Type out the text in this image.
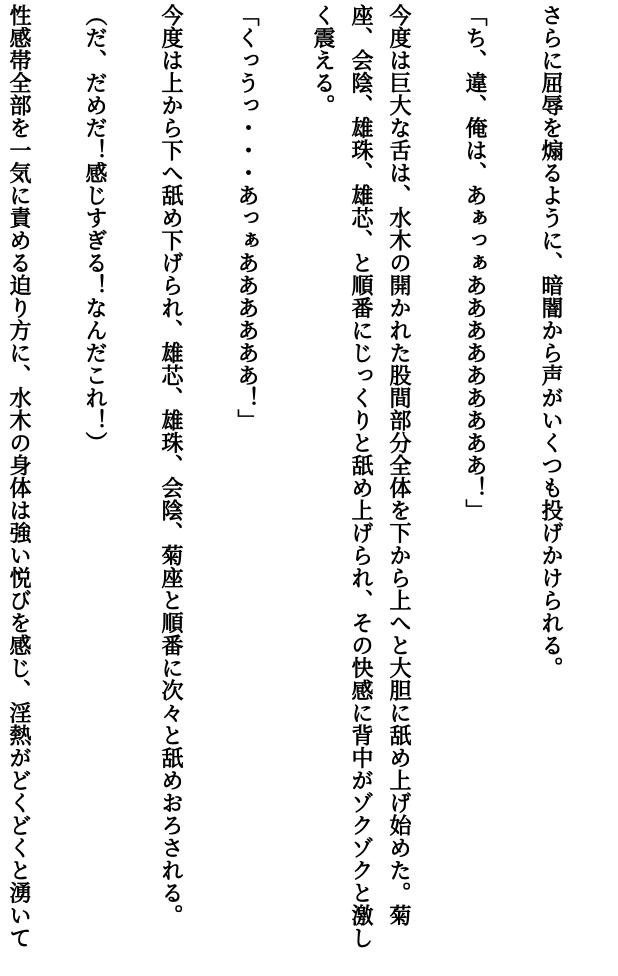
さらに屈辱を煽るように、暗闇から声がいくつも投げかけられる。

「ち、違、俺は、あぁっぁあああああああああ！」

今度は巨大な舌は、水木の開かれた股間部分全体を下から上へと大胆に舐め上げ始めた。菊座、会陰、雄珠、雄芯、と順番にじっくりと舐め上げられ、その快感に背中がゾクゾクと激しく震える。

「くっうっ・・・あっぁああああああ！」

今度は上から下へ舐め下げられ、雄芯、雄珠、会陰、菊座と順番に次々と舐めおろされる。

（だ、だめだ！感じすぎる！なんだこれ！）

性感帯全部を一気に責める迫り方に、水木の身体は強い悦びを感じ、淫熱がどくどくと湧いて
